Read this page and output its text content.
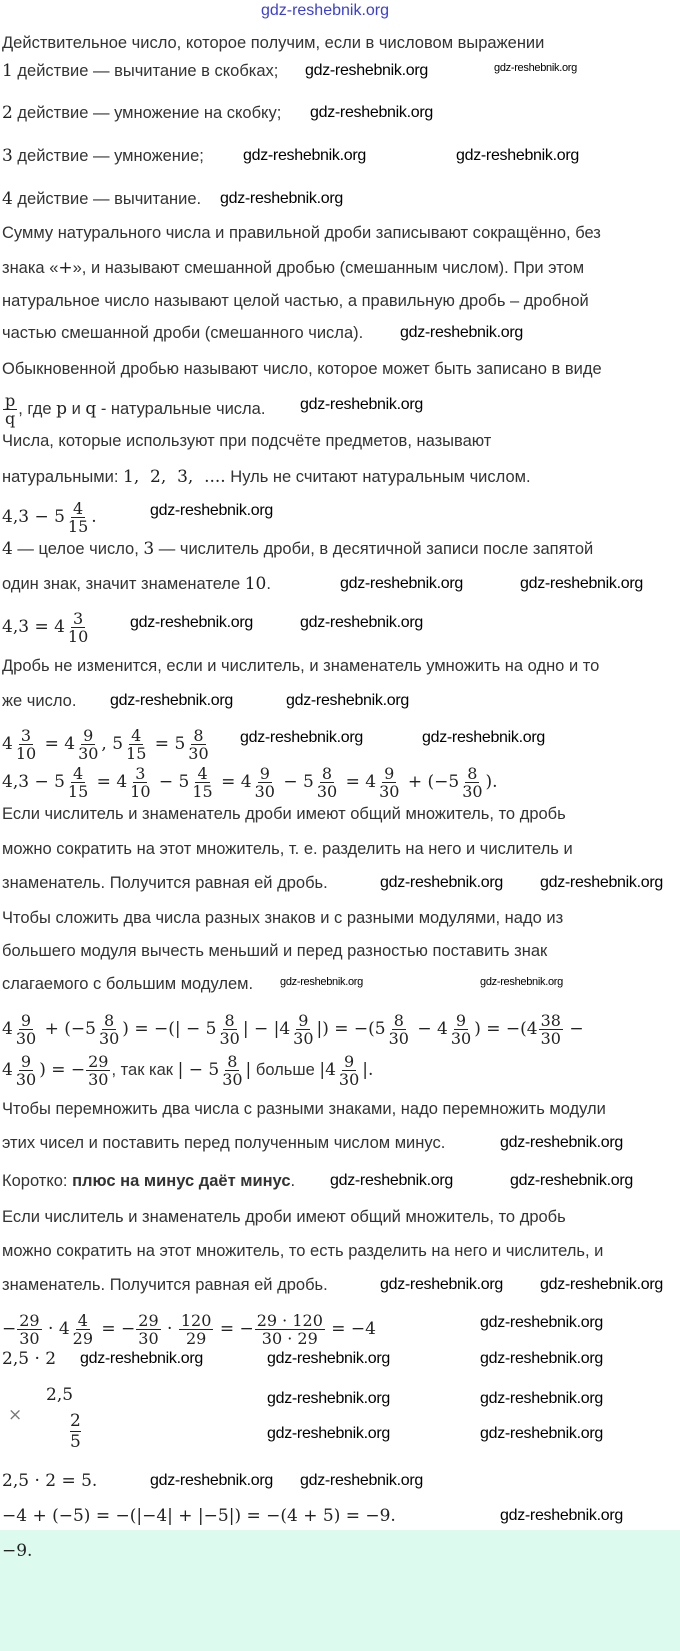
gdz-reshebnik.org
Действительное число, которое получим, если в числовом выражении
1 действие — вычитание в скобках;
2 действие — умножение на скобку;
3 действие — умножение;
4 действие — вычитание.
Сумму натурального числа и правильной дроби записывают сокращённо, без
знака «+», и называют смешанной дробью (смешанным числом). При этом
натуральное число называют целой частью, а правильную дробь – дробной
частью смешанной дроби (смешанного числа).
Обыкновенной дробью называют число, которое может быть записано в виде
$\frac{p}{q}$ , где p и q - натуральные числа.
Числа, которые используют при подсчёте предметов, называют
натуральными: 1,  2,  3,  .... Нуль не считают натуральным числом.
$4,3 - 5 \frac{4}{15}$ .
4 — целое число, 3 — числитель дроби, в десятичной записи после запятой
один знак, значит знаменателе 10.
$4,3 = 4 \frac{3}{10}$
Дробь не изменится, если и числитель, и знаменатель умножить на одно и то
же число.
$4 \frac{3}{10} = 4 \frac{9}{30}$ , $5 \frac{4}{15} = 5 \frac{8}{30}$
$4,3 - 5 \frac{4}{15} = 4 \frac{3}{10} - 5 \frac{4}{15} = 4 \frac{9}{30} - 5 \frac{8}{30} = 4 \frac{9}{30} + (-5 \frac{8}{30}$ ).
Если числитель и знаменатель дроби имеют общий множитель, то дробь
можно сократить на этот множитель, т. е. разделить на него и числитель и
знаменатель. Получится равная ей дробь.
Чтобы сложить два числа разных знаков и с разными модулями, надо из
большего модуля вычесть меньший и перед разностью поставить знак
слагаемого с большим модулем.
$4 \frac{9}{30} + (-5 \frac{8}{30}$ ) = −(| − $5 \frac{8}{30}$ | − $|4 \frac{9}{30}$ |) = $-(5 \frac{8}{30} - 4 \frac{9}{30}$ ) = $-(4 \frac{38}{30}$ −
$4 \frac{9}{30}$ ) = − $\frac{29}{30}$ , так как | − $5 \frac{8}{30}$ | больше $|4 \frac{9}{30}$ |.
Чтобы перемножить два числа с разными знаками, надо перемножить модули
этих чисел и поставить перед полученным числом минус.
Коротко: плюс на минус даёт минус.
Если числитель и знаменатель дроби имеют общий множитель, то дробь
можно сократить на этот множитель, то есть разделить на него и числитель, и
знаменатель. Получится равная ей дробь.
− $\frac{29}{30} \cdot 4 \frac{4}{29}$ = − $\frac{29}{30} \cdot \frac{120}{29}$ = − $\frac{29 \cdot 120}{30 \cdot 29} = -4$
2,5 · 2
2,5 · 2 = 5.
−4 + (−5) = −(|−4| + |−5|) = −(4 + 5) = −9.
×
2,5
2
5
−9.
gdz-reshebnik.org	gdz-reshebnik.org
gdz-reshebnik.org
gdz-reshebnik.org	gdz-reshebnik.org
gdz-reshebnik.org
gdz-reshebnik.org
gdz-reshebnik.org
gdz-reshebnik.org
gdz-reshebnik.org	gdz-reshebnik.org
gdz-reshebnik.org	gdz-reshebnik.org
gdz-reshebnik.org	gdz-reshebnik.org
gdz-reshebnik.org	gdz-reshebnik.org
gdz-reshebnik.org gdz-reshebnik.org
gdz-reshebnik.org	gdz-reshebnik.org
gdz-reshebnik.org	gdz-reshebnik.org
gdz-reshebnik.org gdz-reshebnik.org
gdz-reshebnik.org
gdz-reshebnik.org
gdz-reshebnik.org	gdz-reshebnik.org	gdz-reshebnik.org
gdz-reshebnik.org	gdz-reshebnik.org
gdz-reshebnik.org	gdz-reshebnik.org
gdz-reshebnik.org gdz-reshebnik.org
gdz-reshebnik.org
